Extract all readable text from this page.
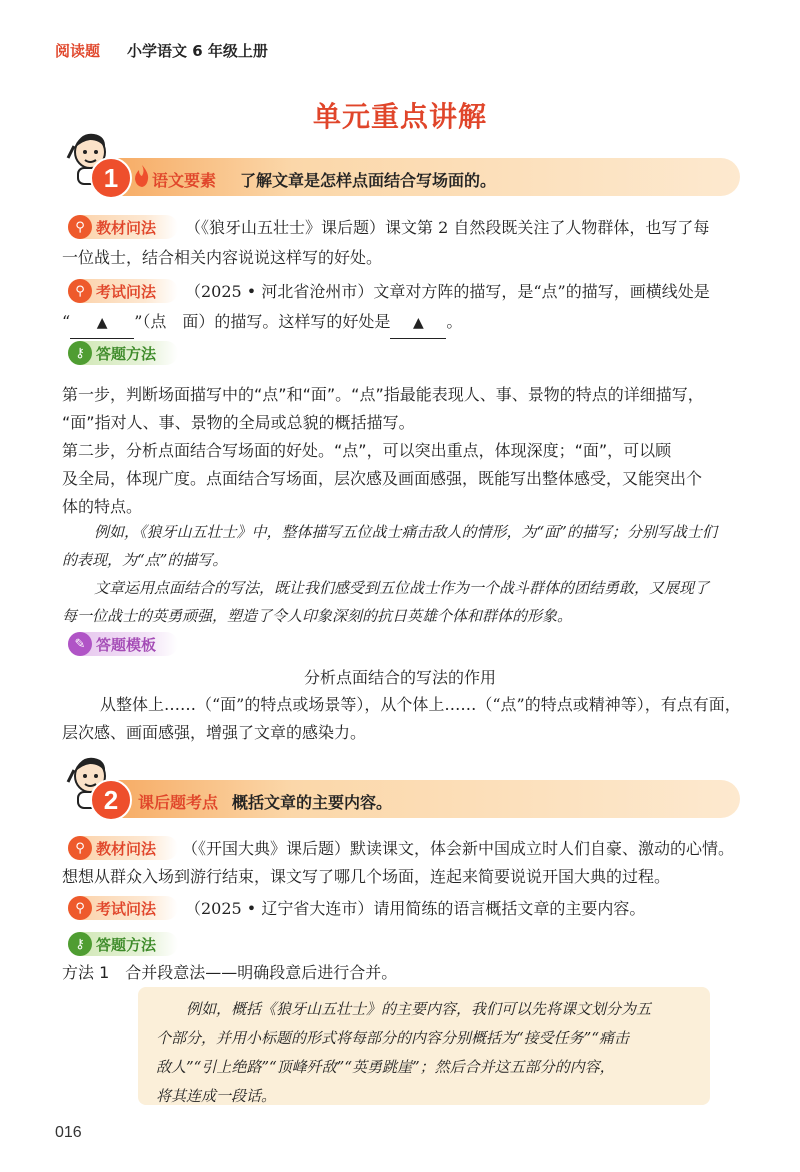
阅读题 小学语文 6 年级上册
单元重点讲解
1	语文要素 了解文章是怎样点面结合写场面的。
⚲ 教材问法 （《狼牙山五壮士》课后题）课文第 2 自然段既关注了人物群体，也写了每
一位战士，结合相关内容说说这样写的好处。
⚲ 考试问法 （2025 • 河北省沧州市）文章对方阵的描写，是“点”的描写，画横线处是
“ ▲ ”（点　面）的描写。这样写的好处是 ▲ 。
⚷ 答题方法
第一步，判断场面描写中的“点”和“面”。“点”指最能表现人、事、景物的特点的详细描写，
“面”指对人、事、景物的全局或总貌的概括描写。
第二步，分析点面结合写场面的好处。“点”，可以突出重点，体现深度；“面”，可以顾
及全局，体现广度。点面结合写场面，层次感及画面感强，既能写出整体感受，又能突出个
体的特点。
例如，《狼牙山五壮士》中，整体描写五位战士痛击敌人的情形，为“面”的描写；分别写战士们
的表现，为“点”的描写。
文章运用点面结合的写法，既让我们感受到五位战士作为一个战斗群体的团结勇敢，又展现了
每一位战士的英勇顽强，塑造了令人印象深刻的抗日英雄个体和群体的形象。
✎ 答题模板
分析点面结合的写法的作用
从整体上……（“面”的特点或场景等），从个体上……（“点”的特点或精神等），有点有面，
层次感、画面感强，增强了文章的感染力。
2	课后题考点 概括文章的主要内容。
⚲ 教材问法 （《开国大典》课后题）默读课文，体会新中国成立时人们自豪、激动的心情。
想想从群众入场到游行结束，课文写了哪几个场面，连起来简要说说开国大典的过程。
⚲ 考试问法 （2025 • 辽宁省大连市）请用简练的语言概括文章的主要内容。
⚷ 答题方法
方法 1　合并段意法——明确段意后进行合并。
例如，概括《狼牙山五壮士》的主要内容，我们可以先将课文划分为五
个部分，并用小标题的形式将每部分的内容分别概括为“接受任务”“痛击
敌人”“引上绝路”“顶峰歼敌”“英勇跳崖”；然后合并这五部分的内容，
将其连成一段话。
016
